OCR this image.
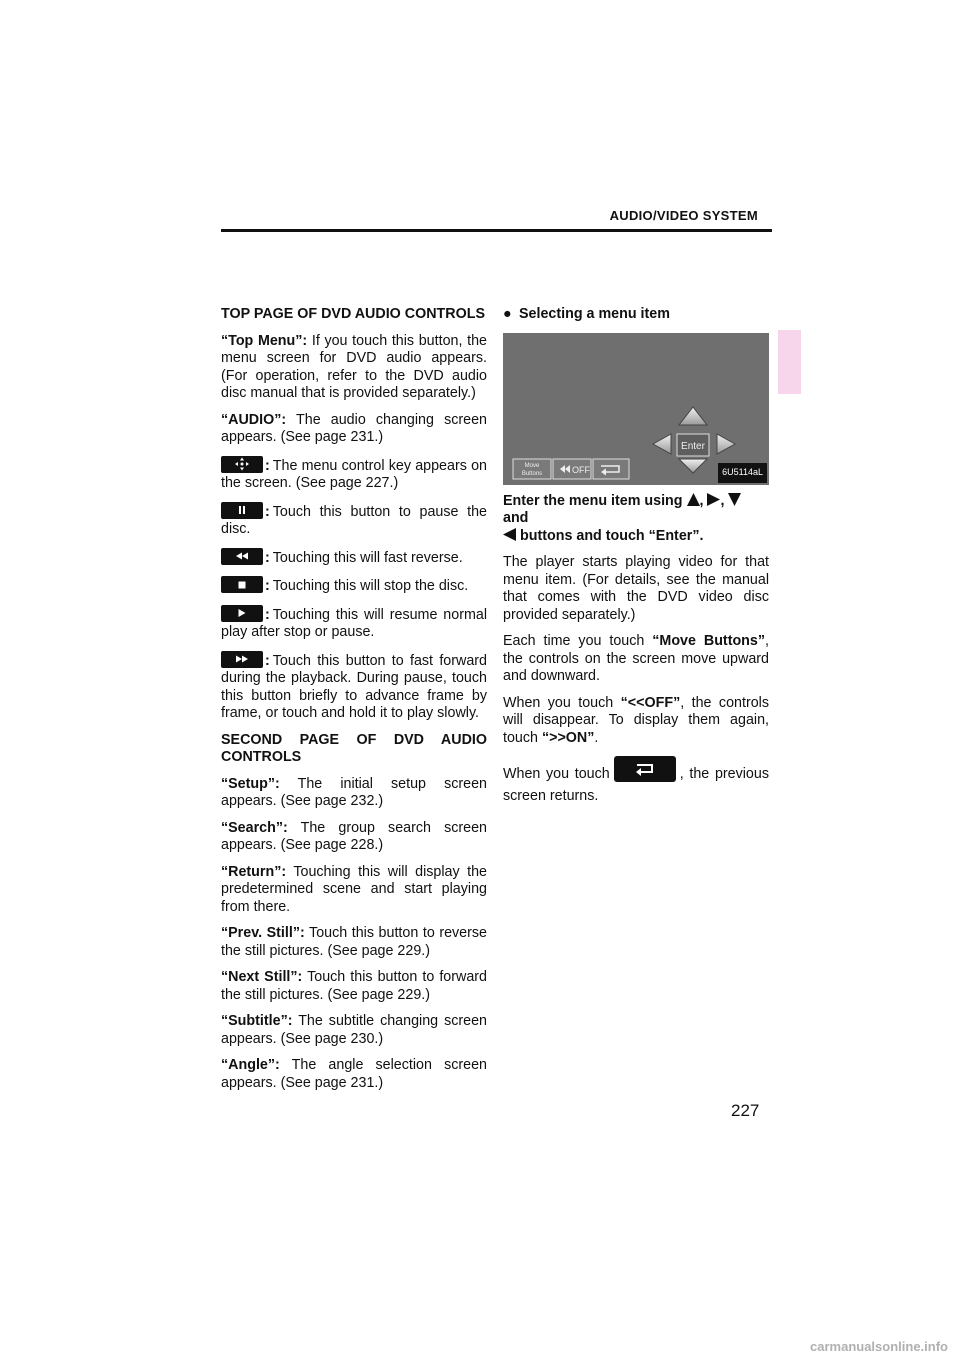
AUDIO/VIDEO SYSTEM

TOP PAGE OF DVD AUDIO CONTROLS

“Top Menu”: If you touch this button, the menu screen for DVD audio appears. (For operation, refer to the DVD audio disc manual that is provided separately.)

“AUDIO”: The audio changing screen appears. (See page 231.)

: The menu control key appears on the screen. (See page 227.)

: Touch this button to pause the disc.

: Touching this will fast reverse.

: Touching this will stop the disc.

: Touching this will resume normal play after stop or pause.

: Touch this button to fast forward during the playback. During pause, touch this button briefly to advance frame by frame, or touch and hold it to play slowly.

SECOND PAGE OF DVD AUDIO CONTROLS

“Setup”: The initial setup screen appears. (See page 232.)

“Search”: The group search screen appears. (See page 228.)

“Return”: Touching this will display the predetermined scene and start playing from there.

“Prev. Still”: Touch this button to reverse the still pictures. (See page 229.)

“Next Still”: Touch this button to forward the still pictures. (See page 229.)

“Subtitle”: The subtitle changing screen appears. (See page 230.)

“Angle”: The angle selection screen appears. (See page 231.)

● Selecting a menu item

Enter
Move
Buttons	OFF	6U5114aL

Enter the menu item using , ,  and
buttons and touch “Enter”.

The player starts playing video for that menu item. (For details, see the manual that comes with the DVD video disc provided separately.)

Each time you touch “Move Buttons”, the controls on the screen move upward and downward.

When you touch “<<OFF”, the controls will disappear. To display them again, touch “>>ON”.

When you touch	, the previous screen returns.

227
carmanualsonline.info
